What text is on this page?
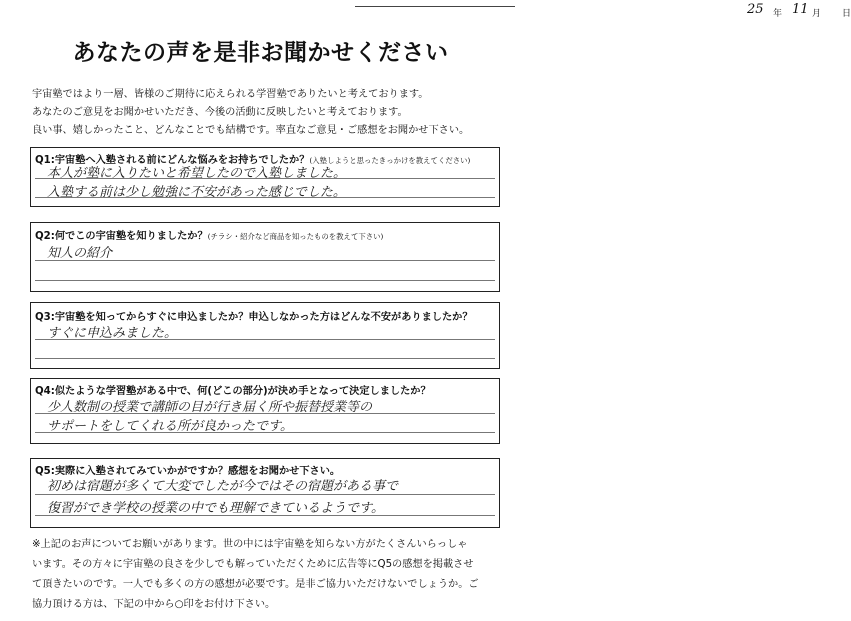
25 年 11 月 日
あなたの声を是非お聞かせください
宇宙塾ではより一層、皆様のご期待に応えられる学習塾でありたいと考えております。
あなたのご意見をお聞かせいただき、今後の活動に反映したいと考えております。
良い事、嬉しかったこと、どんなことでも結構です。率直なご意見・ご感想をお聞かせ下さい。
Q1:宇宙塾へ入塾される前にどんな悩みをお持ちでしたか？(入塾しようと思ったきっかけを教えてください)
本人が塾に入りたいと希望したので入塾しました。
入塾する前は少し勉強に不安があった感じでした。
Q2:何でこの宇宙塾を知りましたか？(チラシ・紹介など商品を知ったものを教えて下さい)
知人の紹介
Q3:宇宙塾を知ってからすぐに申込ましたか？申込しなかった方はどんな不安がありましたか？
すぐに申込みました。
Q4:似たような学習塾がある中で、何(どこの部分)が決め手となって決定しましたか？
少人数制の授業で講師の目が行き届く所や振替授業等の
サポートをしてくれる所が良かったです。
Q5:実際に入塾されてみていかがですか？感想をお聞かせ下さい。
初めは宿題が多くて大変でしたが今ではその宿題がある事で
復習ができ学校の授業の中でも理解できているようです。
※上記のお声についてお願いがあります。世の中には宇宙塾を知らない方がたくさんいらっしゃ
います。その方々に宇宙塾の良さを少しでも解っていただくために広告等にQ5の感想を掲載させ
て頂きたいのです。一人でも多くの方の感想が必要です。是非ご協力いただけないでしょうか。ご
協力頂ける方は、下記の中から○印をお付け下さい。
